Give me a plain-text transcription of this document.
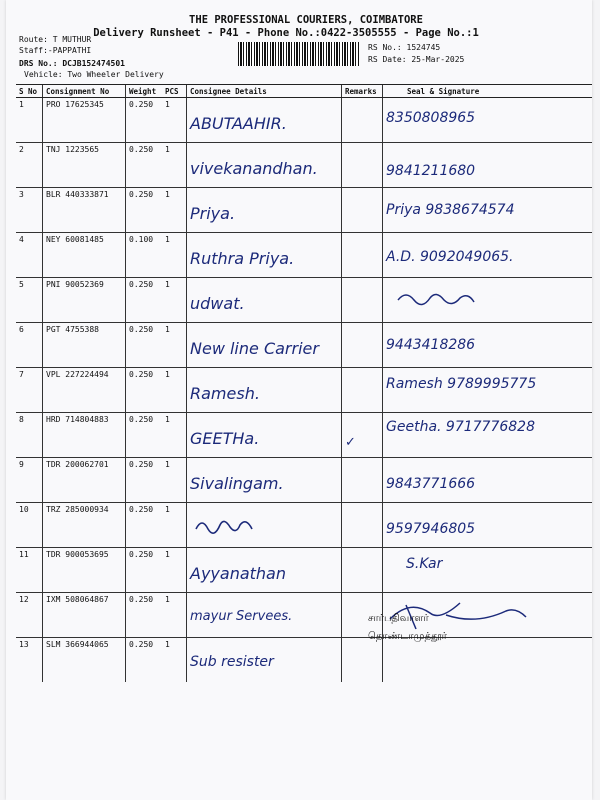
THE PROFESSIONAL COURIERS, COIMBATORE
Delivery Runsheet - P41 - Phone No.:0422-3505555 - Page No.:1
Route: T MUTHUR
Staff:-PAPPATHI
DRS No.: DCJB152474501
Vehicle: Two Wheeler Delivery
RS No.: 1524745
RS Date: 25-Mar-2025
S No	Consignment No	Weight	PCS	Consignee Details	Remarks	Seal & Signature
1	PRO 17625345	0.250	1	ABUTAAHIR.		8350808965

2	TNJ 1223565	0.250	1	vivekanandhan.		9841211680

3	BLR 440333871	0.250	1	Priya.		Priya 9838674574

4	NEY 60081485	0.100	1	Ruthra Priya.		A.D. 9092049065.

5	PNI 90052369	0.250	1	udwat.

6	PGT 4755388	0.250	1	New line Carrier		9443418286

7	VPL 227224494	0.250	1	Ramesh.		Ramesh 9789995775

8	HRD 714804883	0.250	1	GEETHa.	✓	Geetha. 9717776828

9	TDR 200062701	0.250	1	Sivalingam.		9843771666

10	TRZ 285000934	0.250	1			9597946805

11	TDR 900053695	0.250	1	Ayyanathan		S.Kar

12	IXM 508064867	0.250	1	mayur Servees.

13	SLM 366944065	0.250	1	Sub resister		

சார்பதிவாளர்
தொண்டாமுத்தூர்
